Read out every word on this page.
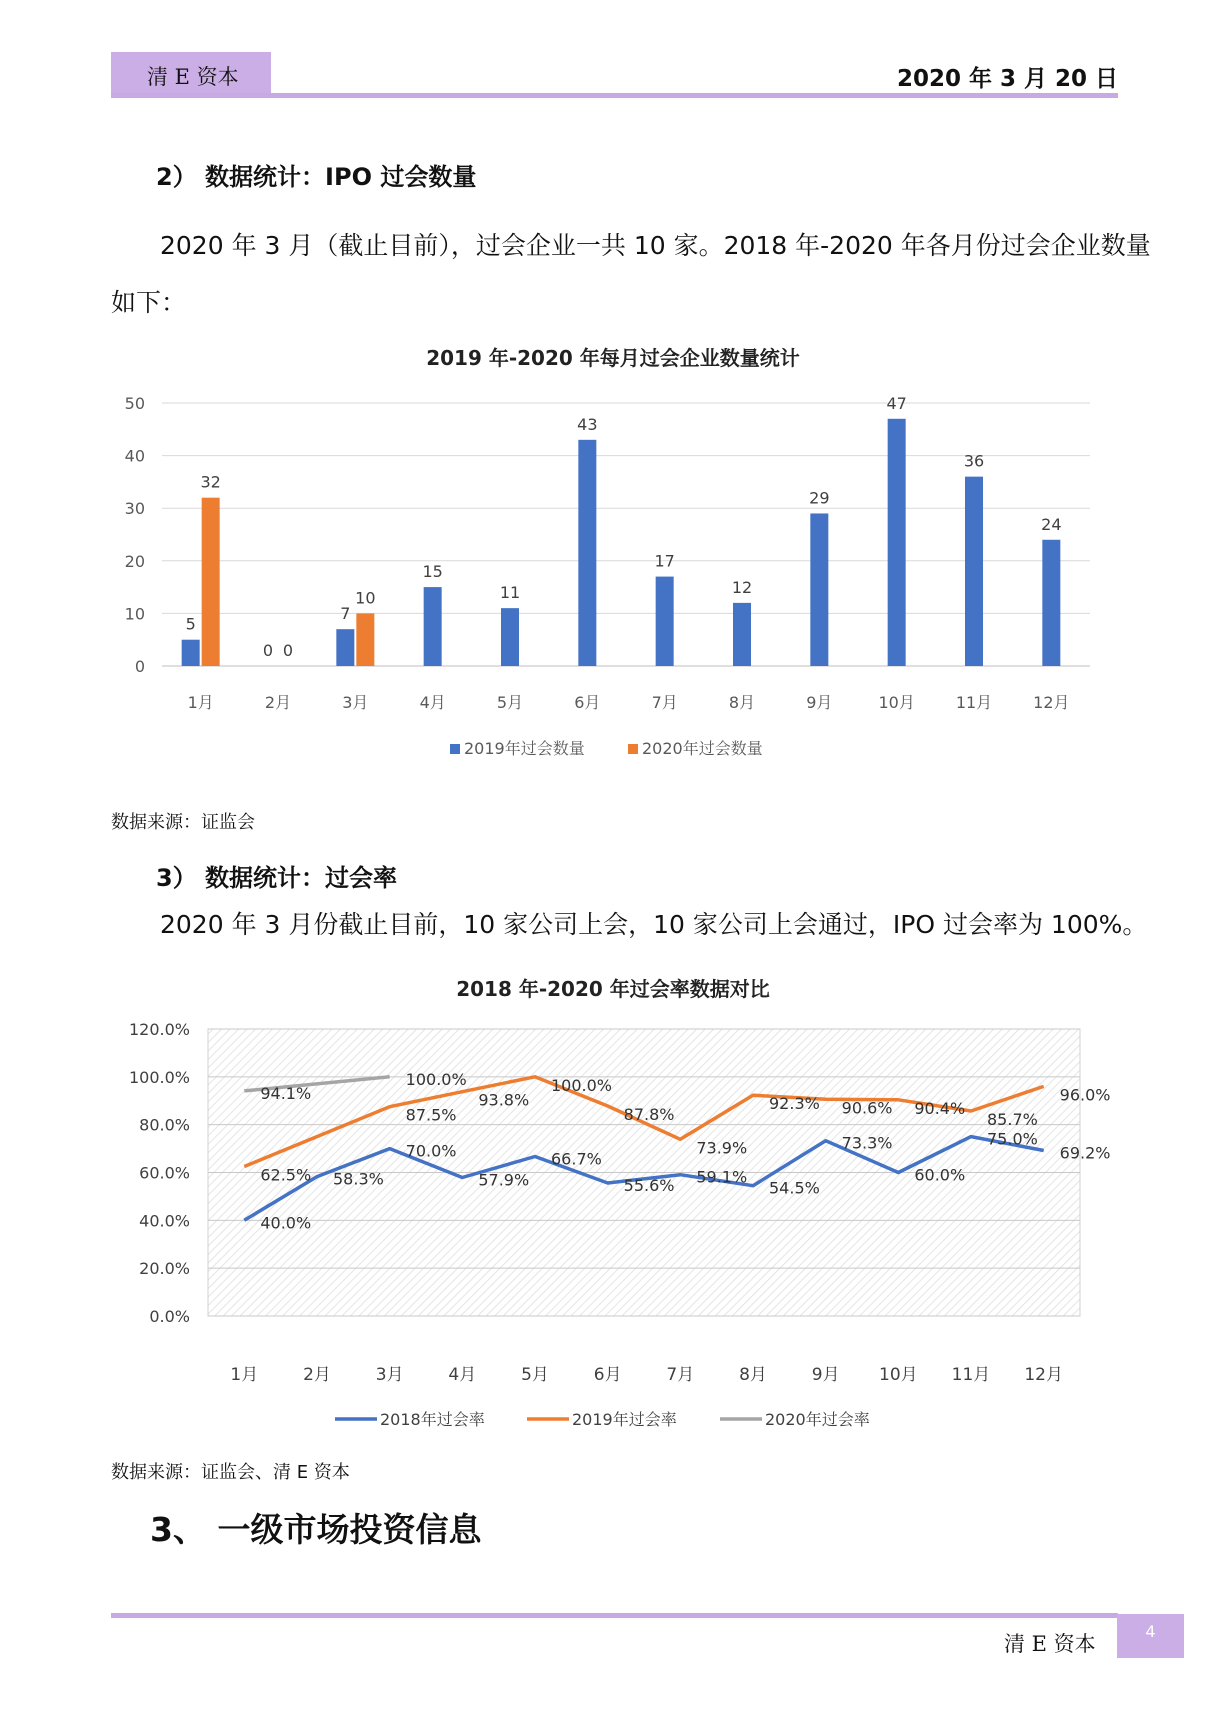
清 E 资本	2020 年 3 月 20 日
2） 数据统计：IPO 过会数量
2020 年 3 月（截止目前），过会企业一共 10 家。2018 年-2020 年各月份过会企业数量
如下：
2019 年-2020 年每月过会企业数量统计
0
10
20
30
40
50
5
32
0 0
7
10
15
11
43
17
12
29
47
36
24
1月	2月	3月	4月	5月	6月	7月	8月	9月	10月	11月	12月
2019年过会数量	2020年过会数量
数据来源：证监会
3） 数据统计：过会率
2020 年 3 月份截止目前，10 家公司上会，10 家公司上会通过，IPO 过会率为 100%。
2018 年-2020 年过会率数据对比
0.0%
20.0%
40.0%
60.0%
80.0%
100.0%
120.0%
40.0%
58.3%
70.0%
57.9%
66.7%
55.6% 59.1%
54.5%
73.3%
60.0%
75.0%
69.2%
62.5%
87.5%
93.8%
100.0%
87.8%
73.9%
92.3% 90.6% 90.4%
85.7%
96.0%
94.1%
100.0%
1月	2月	3月	4月	5月	6月	7月	8月	9月 10月 11月 12月
2018年过会率	2019年过会率	2020年过会率
数据来源：证监会、清 E 资本
3、 一级市场投资信息
清 E 资本
4
